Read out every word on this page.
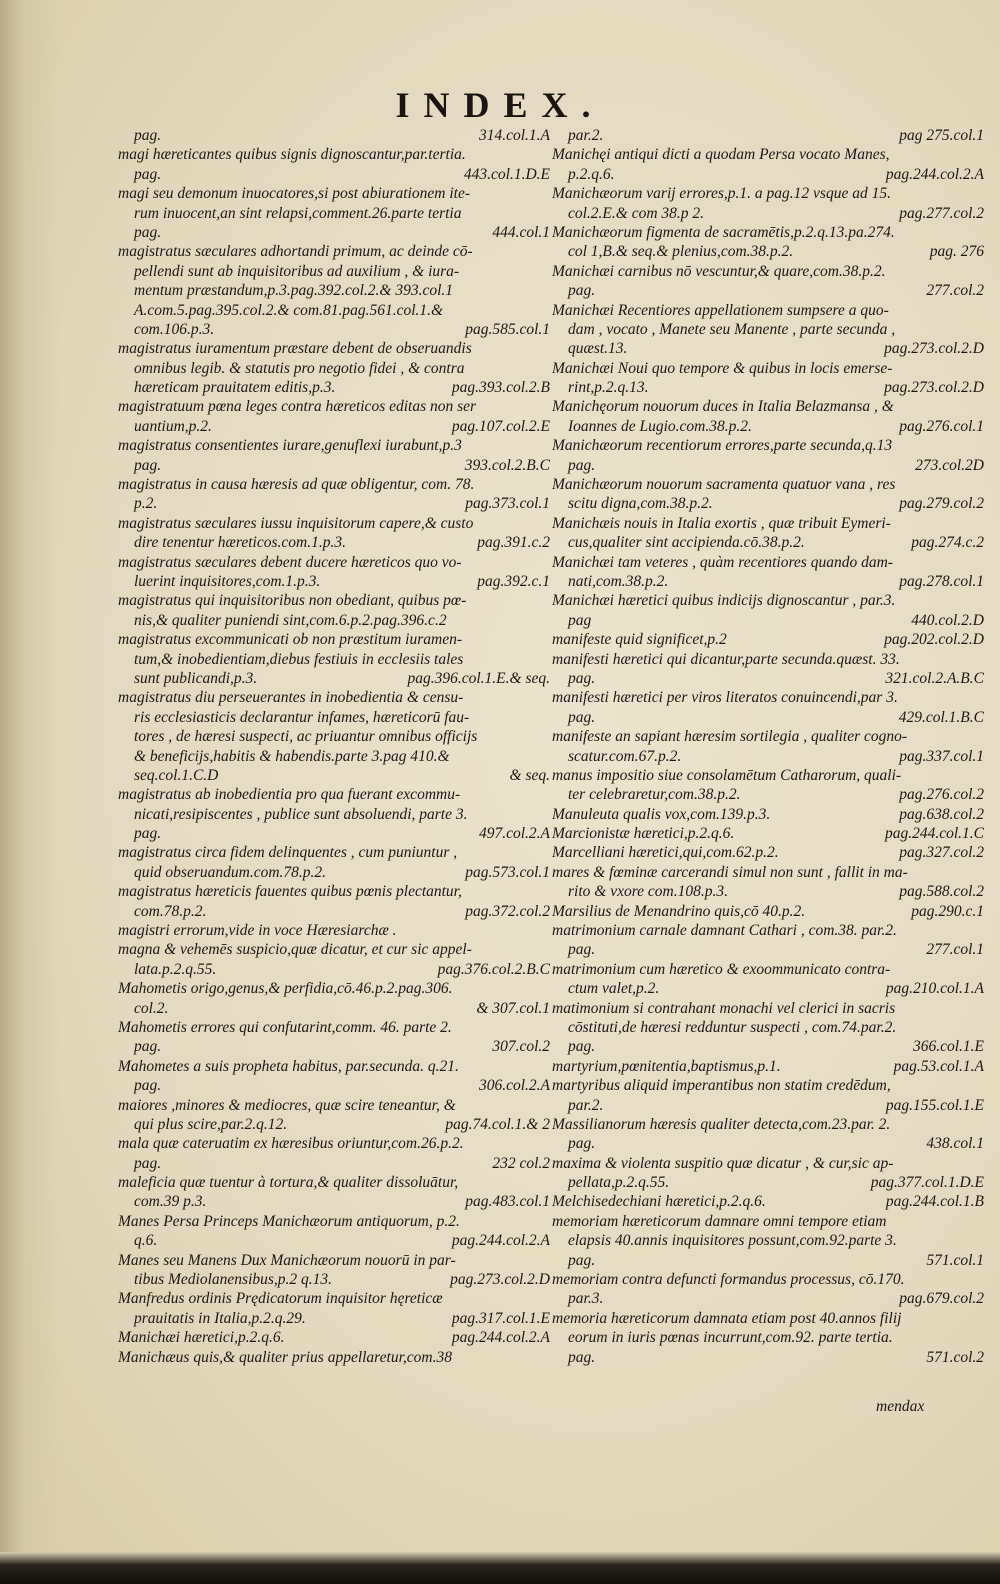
INDEX.
pag.	314.col.1.A
magi hæreticantes quibus signis dignoscantur,par.tertia.
pag.	443.col.1.D.E
magi seu demonum inuocatores,si post abiurationem ite-
rum inuocent,an sint relapsi,comment.26.parte tertia
pag.	444.col.1
magistratus sæculares adhortandi primum, ac deinde cō-
pellendi sunt ab inquisitoribus ad auxilium , & iura-
mentum præstandum,p.3.pag.392.col.2.& 393.col.1
A.com.5.pag.395.col.2.& com.81.pag.561.col.1.&
com.106.p.3.	pag.585.col.1
magistratus iuramentum præstare debent de obseruandis
omnibus legib. & statutis pro negotio fidei , & contra
hæreticam prauitatem editis,p.3.	pag.393.col.2.B
magistratuum pœna leges contra hæreticos editas non ser
uantium,p.2.	pag.107.col.2.E
magistratus consentientes iurare,genuflexi iurabunt,p.3
pag.	393.col.2.B.C
magistratus in causa hæresis ad quæ obligentur, com. 78.
p.2.	pag.373.col.1
magistratus sæculares iussu inquisitorum capere,& custo
dire tenentur hæreticos.com.1.p.3.	pag.391.c.2
magistratus sæculares debent ducere hæreticos quo vo-
luerint inquisitores,com.1.p.3.	pag.392.c.1
magistratus qui inquisitoribus non obediant, quibus pœ-
nis,& qualiter puniendi sint,com.6.p.2.pag.396.c.2
magistratus excommunicati ob non præstitum iuramen-
tum,& inobedientiam,diebus festiuis in ecclesiis tales
sunt publicandi,p.3.	pag.396.col.1.E.& seq.
magistratus diu perseuerantes in inobedientia & censu-
ris ecclesiasticis declarantur infames, hæreticorū fau-
tores , de hæresi suspecti, ac priuantur omnibus officijs
& beneficijs,habitis & habendis.parte 3.pag 410.&
seq.col.1.C.D	& seq.
magistratus ab inobedientia pro qua fuerant excommu-
nicati,resipiscentes , publice sunt absoluendi, parte 3.
pag.	497.col.2.A
magistratus circa fidem delinquentes , cum puniuntur ,
quid obseruandum.com.78.p.2.	pag.573.col.1
magistratus hæreticis fauentes quibus pœnis plectantur,
com.78.p.2.	pag.372.col.2
magistri errorum,vide in voce Hæresiarchæ .
magna & vehemēs suspicio,quæ dicatur, et cur sic appel-
lata.p.2.q.55.	pag.376.col.2.B.C
Mahometis origo,genus,& perfidia,cō.46.p.2.pag.306.
col.2.	& 307.col.1
Mahometis errores qui confutarint,comm. 46. parte 2.
pag.	307.col.2
Mahometes a suis propheta habitus, par.secunda. q.21.
pag.	306.col.2.A
maiores ,minores & mediocres, quæ scire teneantur, &
qui plus scire,par.2.q.12.	pag.74.col.1.& 2
mala quæ cateruatim ex hæresibus oriuntur,com.26.p.2.
pag.	232 col.2
maleficia quæ tuentur à tortura,& qualiter dissoluātur,
com.39 p.3.	pag.483.col.1
Manes Persa Princeps Manichæorum antiquorum, p.2.
q.6.	pag.244.col.2.A
Manes seu Manens Dux Manichæorum nouorū in par-
tibus Mediolanensibus,p.2 q.13.	pag.273.col.2.D
Manfredus ordinis Prędicatorum inquisitor hęreticæ
prauitatis in Italia,p.2.q.29.	pag.317.col.1.E
Manichæi hæretici,p.2.q.6.	pag.244.col.2.A
Manichæus quis,& qualiter prius appellaretur,com.38
par.2.	pag 275.col.1
Manichęi antiqui dicti a quodam Persa vocato Manes,
p.2.q.6.	pag.244.col.2.A
Manichæorum varij errores,p.1. a pag.12 vsque ad 15.
col.2.E.& com 38.p 2.	pag.277.col.2
Manichæorum figmenta de sacramētis,p.2.q.13.pa.274.
col 1,B.& seq.& plenius,com.38.p.2.	pag. 276
Manichæi carnibus nō vescuntur,& quare,com.38.p.2.
pag.	277.col.2
Manichæi Recentiores appellationem sumpsere a quo-
dam , vocato , Manete seu Manente , parte secunda ,
quæst.13.	pag.273.col.2.D
Manichæi Noui quo tempore & quibus in locis emerse-
rint,p.2.q.13.	pag.273.col.2.D
Manichęorum nouorum duces in Italia Belazmansa , &
Ioannes de Lugio.com.38.p.2.	pag.276.col.1
Manichæorum recentiorum errores,parte secunda,q.13
pag.	273.col.2D
Manichæorum nouorum sacramenta quatuor vana , res
scitu digna,com.38.p.2.	pag.279.col.2
Manichæis nouis in Italia exortis , quæ tribuit Eymeri-
cus,qualiter sint accipienda.cō.38.p.2.	pag.274.c.2
Manichæi tam veteres , quàm recentiores quando dam-
nati,com.38.p.2.	pag.278.col.1
Manichæi hæretici quibus indicijs dignoscantur , par.3.
pag	440.col.2.D
manifeste quid significet,p.2	pag.202.col.2.D
manifesti hæretici qui dicantur,parte secunda.quæst. 33.
pag.	321.col.2.A.B.C
manifesti hæretici per viros literatos conuincendi,par 3.
pag.	429.col.1.B.C
manifeste an sapiant hæresim sortilegia , qualiter cogno-
scatur.com.67.p.2.	pag.337.col.1
manus impositio siue consolamētum Catharorum, quali-
ter celebraretur,com.38.p.2.	pag.276.col.2
Manuleuta qualis vox,com.139.p.3.	pag.638.col.2
Marcionistæ hæretici,p.2.q.6.	pag.244.col.1.C
Marcelliani hæretici,qui,com.62.p.2.	pag.327.col.2
mares & fœminæ carcerandi simul non sunt , fallit in ma-
rito & vxore com.108.p.3.	pag.588.col.2
Marsilius de Menandrino quis,cō 40.p.2.	pag.290.c.1
matrimonium carnale damnant Cathari , com.38. par.2.
pag.	277.col.1
matrimonium cum hæretico & exoommunicato contra-
ctum valet,p.2.	pag.210.col.1.A
matimonium si contrahant monachi vel clerici in sacris
cōstituti,de hæresi redduntur suspecti , com.74.par.2.
pag.	366.col.1.E
martyrium,pœnitentia,baptismus,p.1.	pag.53.col.1.A
martyribus aliquid imperantibus non statim credēdum,
par.2.	pag.155.col.1.E
Massilianorum hæresis qualiter detecta,com.23.par. 2.
pag.	438.col.1
maxima & violenta suspitio quæ dicatur , & cur,sic ap-
pellata,p.2.q.55.	pag.377.col.1.D.E
Melchisedechiani hæretici,p.2.q.6.	pag.244.col.1.B
memoriam hæreticorum damnare omni tempore etiam
elapsis 40.annis inquisitores possunt,com.92.parte 3.
pag.	571.col.1
memoriam contra defuncti formandus processus, cō.170.
par.3.	pag.679.col.2
memoria hæreticorum damnata etiam post 40.annos filij
eorum in iuris pœnas incurrunt,com.92. parte tertia.
pag.	571.col.2
mendax
